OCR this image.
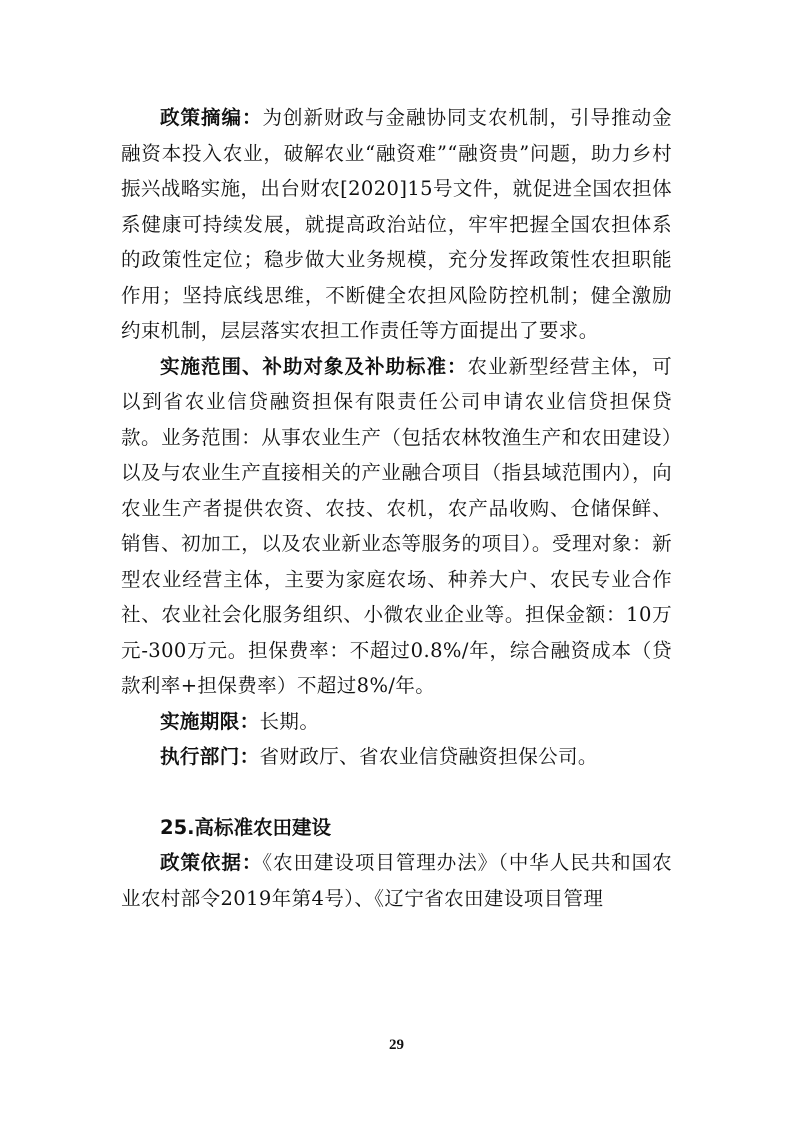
政策摘编：为创新财政与金融协同支农机制，引导推动金融资本投入农业，破解农业“融资难”“融资贵”问题，助力乡村振兴战略实施，出台财农[2020]15号文件，就促进全国农担体系健康可持续发展，就提高政治站位，牢牢把握全国农担体系的政策性定位；稳步做大业务规模，充分发挥政策性农担职能作用；坚持底线思维，不断健全农担风险防控机制；健全激励约束机制，层层落实农担工作责任等方面提出了要求。

实施范围、补助对象及补助标准：农业新型经营主体，可以到省农业信贷融资担保有限责任公司申请农业信贷担保贷款。业务范围：从事农业生产（包括农林牧渔生产和农田建设）以及与农业生产直接相关的产业融合项目（指县域范围内），向农业生产者提供农资、农技、农机，农产品收购、仓储保鲜、销售、初加工，以及农业新业态等服务的项目）。受理对象：新型农业经营主体，主要为家庭农场、种养大户、农民专业合作社、农业社会化服务组织、小微农业企业等。担保金额：10万元-300万元。担保费率：不超过0.8%/年，综合融资成本（贷款利率+担保费率）不超过8%/年。

实施期限：长期。

执行部门：省财政厅、省农业信贷融资担保公司。

25.高标准农田建设

政策依据：《农田建设项目管理办法》（中华人民共和国农业农村部令2019年第4号）、《辽宁省农田建设项目管理

29
